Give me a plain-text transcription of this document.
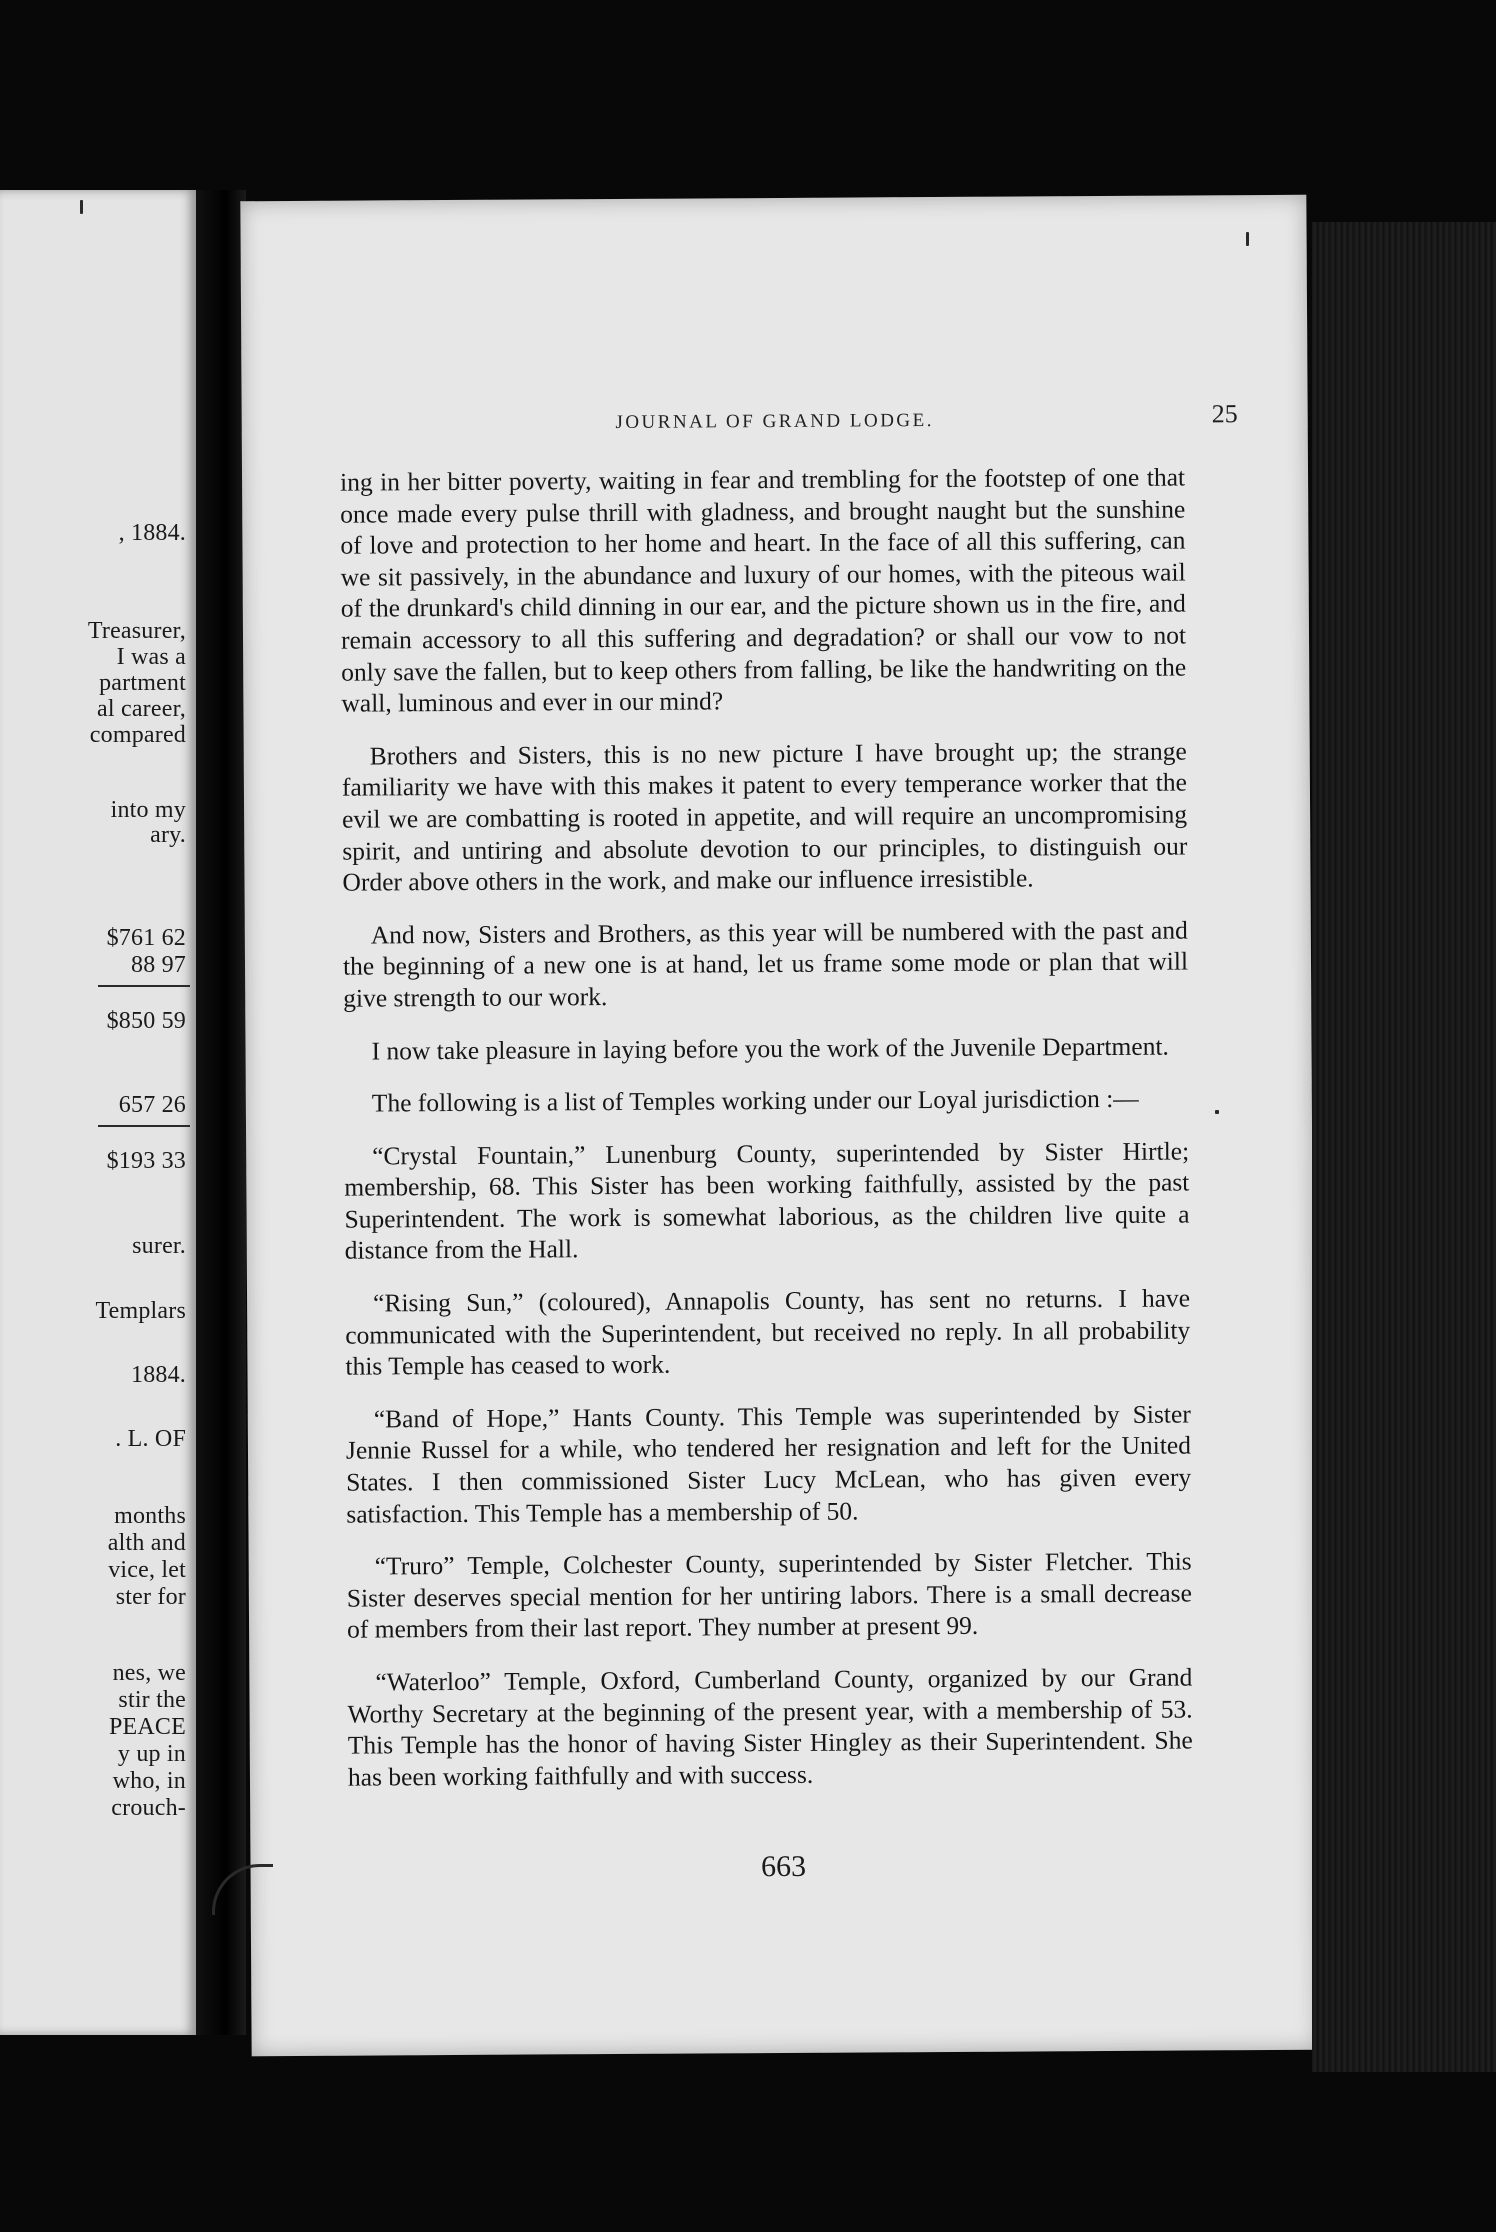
, 1884.
Treasurer,
I was a
partment
al career,
compared
into my
ary.
$761 62
88 97
$850 59
657 26
$193 33
surer.
Templars
1884.
. L. OF
months
alth and
vice, let
ster for
nes, we
stir the
PEACE
y up in
who, in
crouch-
JOURNAL OF GRAND LODGE.	25

ing in her bitter poverty, waiting in fear and trembling for the footstep of one that once made every pulse thrill with gladness, and brought naught but the sunshine of love and protection to her home and heart. In the face of all this suffering, can we sit passively, in the abundance and luxury of our homes, with the piteous wail of the drunkard's child dinning in our ear, and the picture shown us in the fire, and remain accessory to all this suffering and degradation? or shall our vow to not only save the fallen, but to keep others from falling, be like the handwriting on the wall, luminous and ever in our mind?

Brothers and Sisters, this is no new picture I have brought up; the strange familiarity we have with this makes it patent to every temperance worker that the evil we are combatting is rooted in appetite, and will require an uncompromising spirit, and untiring and absolute devotion to our principles, to distinguish our Order above others in the work, and make our influence irresistible.

And now, Sisters and Brothers, as this year will be numbered with the past and the beginning of a new one is at hand, let us frame some mode or plan that will give strength to our work.

I now take pleasure in laying before you the work of the Juvenile Department.

The following is a list of Temples working under our Loyal jurisdiction :—

“Crystal Fountain,” Lunenburg County, superintended by Sister Hirtle; membership, 68. This Sister has been working faithfully, assisted by the past Superintendent. The work is somewhat laborious, as the children live quite a distance from the Hall.

“Rising Sun,” (coloured), Annapolis County, has sent no returns. I have communicated with the Superintendent, but received no reply. In all probability this Temple has ceased to work.

“Band of Hope,” Hants County. This Temple was superintended by Sister Jennie Russel for a while, who tendered her resignation and left for the United States. I then commissioned Sister Lucy McLean, who has given every satisfaction. This Temple has a membership of 50.

“Truro” Temple, Colchester County, superintended by Sister Fletcher. This Sister deserves special mention for her untiring labors. There is a small decrease of members from their last report. They number at present 99.

“Waterloo” Temple, Oxford, Cumberland County, organized by our Grand Worthy Secretary at the beginning of the present year, with a membership of 53. This Temple has the honor of having Sister Hingley as their Superintendent. She has been working faithfully and with success.

663
